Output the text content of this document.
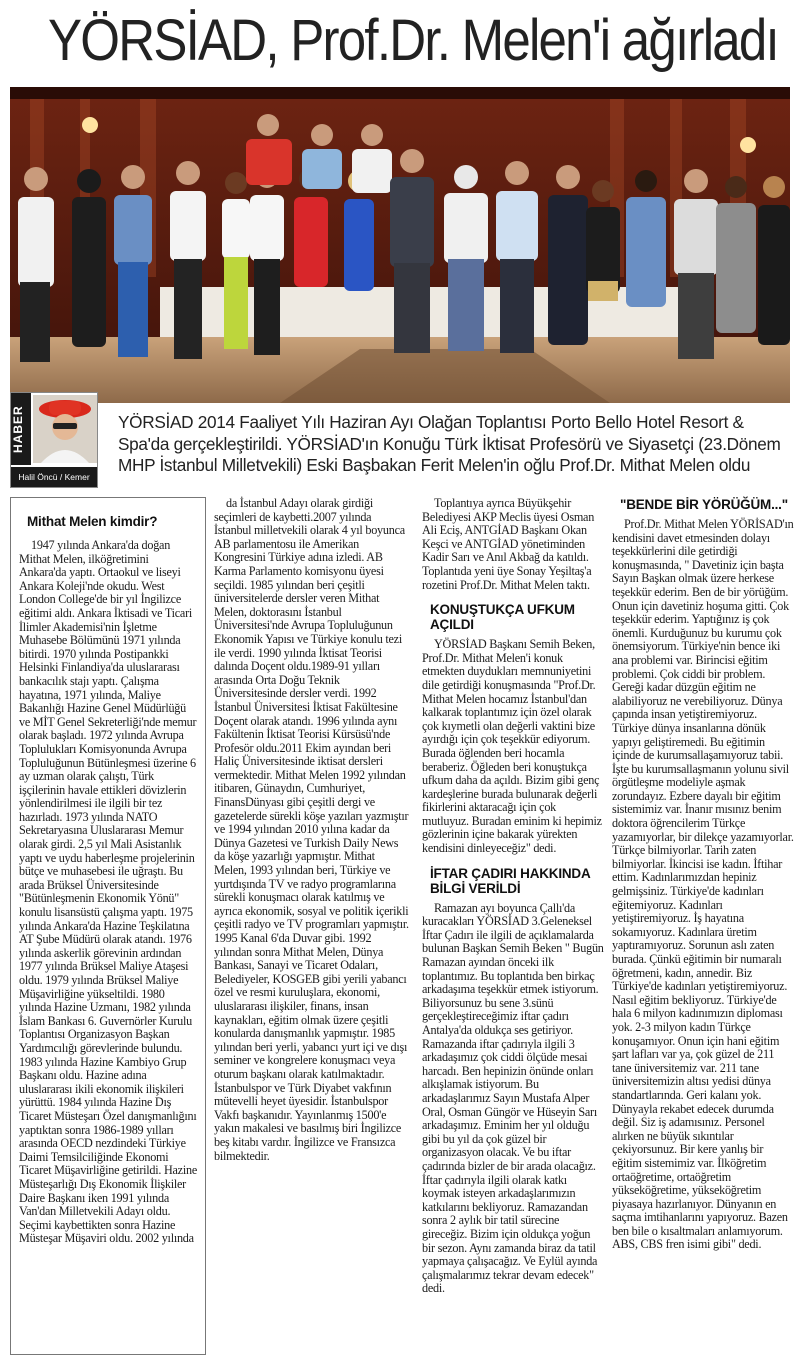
YÖRSİAD, Prof.Dr. Melen'i ağırladı
HABER
Halil Öncü / Kemer

YÖRSİAD 2014 Faaliyet Yılı Haziran Ayı Olağan Toplantısı Porto Bello Hotel Resort & Spa'da gerçekleştirildi. YÖRSİAD'ın Konuğu Türk İktisat Profesörü ve Siyasetçi (23.Dönem MHP İstanbul Milletvekili) Eski Başbakan Ferit Melen'in oğlu Prof.Dr. Mithat Melen oldu

Mithat Melen kimdir?

1947 yılında Ankara'da doğan Mithat Melen, ilköğretimini Ankara'da yaptı. Ortaokul ve liseyi Ankara Koleji'nde okudu. West London College'de bir yıl İngilizce eğitimi aldı. Ankara İktisadi ve Ticari İlimler Akademisi'nin İşletme Muhasebe Bölümünü 1971 yılında bitirdi. 1970 yılında Postipankki Helsinki Finlandiya'da uluslararası bankacılık stajı yaptı. Çalışma hayatına, 1971 yılında, Maliye Bakanlığı Hazine Genel Müdürlüğü ve MİT Genel Sekreterliği'nde memur olarak başladı. 1972 yılında Avrupa Toplulukları Komisyonunda Avrupa Topluluğunun Bütünleşmesi üzerine 6 ay uzman olarak çalıştı, Türk işçilerinin havale ettikleri dövizlerin yönlendirilmesi ile ilgili bir tez hazırladı. 1973 yılında NATO Sekretaryasına Uluslararası Memur olarak girdi. 2,5 yıl Mali Asistanlık yaptı ve uydu haberleşme projelerinin bütçe ve muhasebesi ile uğraştı. Bu arada Brüksel Üniversitesinde "Bütünleşmenin Ekonomik Yönü" konulu lisansüstü çalışma yaptı. 1975 yılında Ankara'da Hazine Teşkilatına AT Şube Müdürü olarak atandı. 1976 yılında askerlik görevinin ardından 1977 yılında Brüksel Maliye Ataşesi oldu. 1979 yılında Brüksel Maliye Müşavirliğine yükseltildi. 1980 yılında Hazine Uzmanı, 1982 yılında İslam Bankası 6. Guvernörler Kurulu Toplantısı Organizasyon Başkan Yardımcılığı görevlerinde bulundu. 1983 yılında Hazine Kambiyo Grup Başkanı oldu. Hazine adına uluslararası ikili ekonomik ilişkileri yürüttü. 1984 yılında Hazine Dış Ticaret Müsteşarı Özel danışmanlığını yaptıktan sonra 1986-1989 yılları arasında OECD nezdindeki Türkiye Daimi Temsilciliğinde Ekonomi Ticaret Müşavirliğine getirildi. Hazine Müsteşarlığı Dış Ekonomik İlişkiler Daire Başkanı iken 1991 yılında Van'dan Milletvekili Adayı oldu. Seçimi kaybettikten sonra Hazine Müsteşar Müşaviri oldu. 2002 yılında

da İstanbul Adayı olarak girdiği seçimleri de kaybetti.2007 yılında İstanbul milletvekili olarak 4 yıl boyunca AB parlamentosu ile Amerikan Kongresini Türkiye adına izledi. AB Karma Parlamento komisyonu üyesi seçildi. 1985 yılından beri çeşitli üniversitelerde dersler veren Mithat Melen, doktorasını İstanbul Üniversitesi'nde Avrupa Topluluğunun Ekonomik Yapısı ve Türkiye konulu tezi ile verdi. 1990 yılında İktisat Teorisi dalında Doçent oldu.1989-91 yılları arasında Orta Doğu Teknik Üniversitesinde dersler verdi. 1992 İstanbul Üniversitesi İktisat Fakültesine Doçent olarak atandı. 1996 yılında aynı Fakültenin İktisat Teorisi Kürsüsü'nde Profesör oldu.2011 Ekim ayından beri Haliç Üniversitesinde iktisat dersleri vermektedir. Mithat Melen 1992 yılından itibaren, Günaydın, Cumhuriyet, FinansDünyası gibi çeşitli dergi ve gazetelerde sürekli köşe yazıları yazmıştır ve 1994 yılından 2010 yılına kadar da Dünya Gazetesi ve Turkish Daily News da köşe yazarlığı yapmıştır. Mithat Melen, 1993 yılından beri, Türkiye ve yurtdışında TV ve radyo programlarına sürekli konuşmacı olarak katılmış ve ayrıca ekonomik, sosyal ve politik içerikli çeşitli radyo ve TV programları yapmıştır. 1995 Kanal 6'da Duvar gibi. 1992 yılından sonra Mithat Melen, Dünya Bankası, Sanayi ve Ticaret Odaları, Belediyeler, KOSGEB gibi yerili yabancı özel ve resmi kuruluşlara, ekonomi, uluslararası ilişkiler, finans, insan kaynakları, eğitim olmak üzere çeşitli konularda danışmanlık yapmıştır. 1985 yılından beri yerli, yabancı yurt içi ve dışı seminer ve kongrelere konuşmacı veya oturum başkanı olarak katılmaktadır. İstanbulspor ve Türk Diyabet vakfının mütevelli heyet üyesidir. İstanbulspor Vakfı başkanıdır. Yayınlanmış 1500'e yakın makalesi ve basılmış biri İngilizce beş kitabı vardır. İngilizce ve Fransızca bilmektedir.

Toplantıya ayrıca Büyükşehir Belediyesi AKP Meclis üyesi Osman Ali Eciş, ANTGİAD Başkanı Okan Keşci ve ANTGİAD yönetiminden Kadir Sarı ve Anıl Akbağ da katıldı. Toplantıda yeni üye Sonay Yeşiltaş'a rozetini Prof.Dr. Mithat Melen taktı.

KONUŞTUKÇA UFKUM AÇILDI

YÖRSİAD Başkanı Semih Beken, Prof.Dr. Mithat Melen'i konuk etmekten duydukları memnuniyetini dile getirdiği konuşmasında "Prof.Dr. Mithat Melen hocamız İstanbul'dan kalkarak toplantımız için özel olarak çok kıymetli olan değerli vaktini bize ayırdığı için çok teşekkür ediyorum. Burada öğlenden beri hocamla beraberiz. Öğleden beri konuştukça ufkum daha da açıldı. Bizim gibi genç kardeşlerine burada bulunarak değerli fikirlerini aktaracağı için çok mutluyuz. Buradan eminim ki hepimiz gözlerinin içine bakarak yürekten kendisini dinleyeceğiz" dedi.

İFTAR ÇADIRI HAKKINDA BİLGİ VERİLDİ

Ramazan ayı boyunca Çallı'da kuracakları YÖRSİAD 3.Geleneksel İftar Çadırı ile ilgili de açıklamalarda bulunan Başkan Semih Beken " Bugün Ramazan ayından önceki ilk toplantımız. Bu toplantıda ben birkaç arkadaşıma teşekkür etmek istiyorum. Biliyorsunuz bu sene 3.sünü gerçekleştireceğimiz iftar çadırı Antalya'da oldukça ses getiriyor. Ramazanda iftar çadırıyla ilgili 3 arkadaşımız çok ciddi ölçüde mesai harcadı. Ben hepinizin önünde onları alkışlamak istiyorum. Bu arkadaşlarımız Sayın Mustafa Alper Oral, Osman Güngör ve Hüseyin Sarı arkadaşımız. Eminim her yıl olduğu gibi bu yıl da çok güzel bir organizasyon olacak. Ve bu iftar çadırında bizler de bir arada olacağız. İftar çadırıyla ilgili olarak katkı koymak isteyen arkadaşlarımızın katkılarını bekliyoruz. Ramazandan sonra 2 aylık bir tatil sürecine gireceğiz. Bizim için oldukça yoğun bir sezon. Aynı zamanda biraz da tatil yapmaya çalışacağız. Ve Eylül ayında çalışmalarımız tekrar devam edecek" dedi.

"BENDE BİR YÖRÜĞÜM..."

Prof.Dr. Mithat Melen YÖRİSAD'ın kendisini davet etmesinden dolayı teşekkürlerini dile getirdiği konuşmasında, " Davetiniz için başta Sayın Başkan olmak üzere herkese teşekkür ederim. Ben de bir yörüğüm. Onun için davetiniz hoşuma gitti. Çok teşekkür ederim. Yaptığınız iş çok önemli. Kurduğunuz bu kurumu çok önemsiyorum. Türkiye'nin bence iki ana problemi var. Birincisi eğitim problemi. Çok ciddi bir problem. Gereği kadar düzgün eğitim ne alabiliyoruz ne verebiliyoruz. Dünya çapında insan yetiştiremiyoruz. Türkiye dünya insanlarına dönük yapıyı geliştiremedi. Bu eğitimin içinde de kurumsallaşamıyoruz tabii. İşte bu kurumsallaşmanın yolunu sivil örgütleşme modeliyle aşmak zorundayız. Ezbere dayalı bir eğitim sistemimiz var. İnanır mısınız benim doktora öğrencilerim Türkçe yazamıyorlar, bir dilekçe yazamıyorlar. Türkçe bilmiyorlar. Tarih zaten bilmiyorlar. İkincisi ise kadın. İftihar ettim. Kadınlarımızdan hepiniz gelmişsiniz. Türkiye'de kadınları eğitemiyoruz. Kadınları yetiştiremiyoruz. İş hayatına sokamıyoruz. Kadınlara üretim yaptıramıyoruz. Sorunun aslı zaten burada. Çünkü eğitimin bir numaralı öğretmeni, kadın, annedir. Biz Türkiye'de kadınları yetiştiremiyoruz. Nasıl eğitim bekliyoruz. Türkiye'de hala 6 milyon kadınımızın diploması yok. 2-3 milyon kadın Türkçe konuşamıyor. Onun için hani eğitim şart lafları var ya, çok güzel de 211 tane üniversitemiz var. 211 tane üniversitemizin altısı yedisi dünya standartlarında. Geri kalanı yok. Dünyayla rekabet edecek durumda değil. Siz iş adamısınız. Personel alırken ne büyük sıkıntılar çekiyorsunuz. Bir kere yanlış bir eğitim sistemimiz var. İlköğretim ortaöğretime, ortaöğretim yükseköğretime, yükseköğretim piyasaya hazırlanıyor. Dünyanın en saçma imtihanlarını yapıyoruz. Bazen ben bile o kısaltmaları anlamıyorum. ABS, CBS fren isimi gibi" dedi.
